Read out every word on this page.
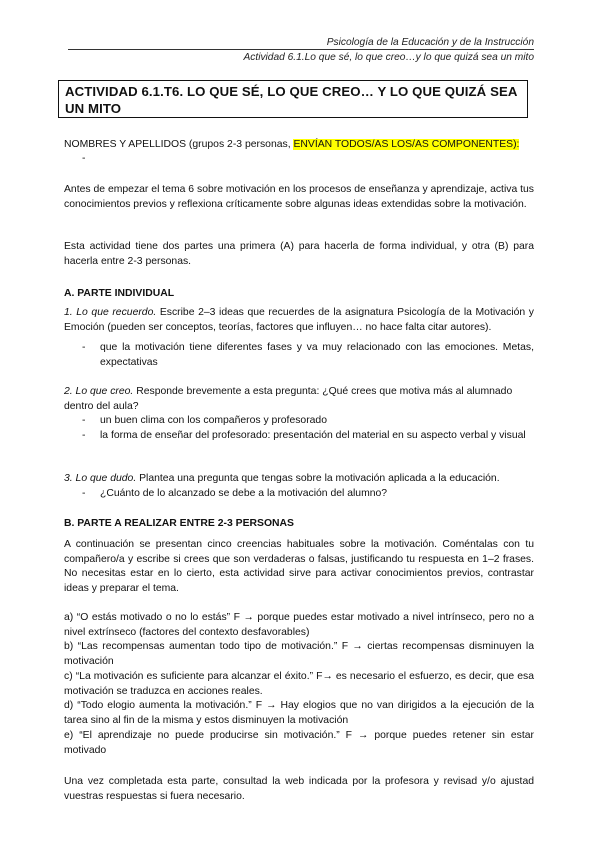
Psicología de la Educación y de la Instrucción
Actividad 6.1.Lo que sé, lo que creo…y lo que quizá sea un mito
ACTIVIDAD 6.1.T6. LO QUE SÉ, LO QUE CREO… Y LO QUE QUIZÁ SEA UN MITO
NOMBRES Y APELLIDOS (grupos 2-3 personas, ENVÍAN TODOS/AS LOS/AS COMPONENTES):
-
Antes de empezar el tema 6 sobre motivación en los procesos de enseñanza y aprendizaje, activa tus conocimientos previos y reflexiona críticamente sobre algunas ideas extendidas sobre la motivación.
Esta actividad tiene dos partes una primera (A) para hacerla de forma individual, y otra (B) para hacerla entre 2-3 personas.
A. PARTE INDIVIDUAL
1. Lo que recuerdo. Escribe 2–3 ideas que recuerdes de la asignatura Psicología de la Motivación y Emoción (pueden ser conceptos, teorías, factores que influyen… no hace falta citar autores).
- que la motivación tiene diferentes fases y va muy relacionado con las emociones. Metas, expectativas
2. Lo que creo. Responde brevemente a esta pregunta: ¿Qué crees que motiva más al alumnado dentro del aula?
- un buen clima con los compañeros y profesorado
- la forma de enseñar del profesorado: presentación del material en su aspecto verbal y visual
3. Lo que dudo. Plantea una pregunta que tengas sobre la motivación aplicada a la educación.
- ¿Cuánto de lo alcanzado se debe a la motivación del alumno?
B. PARTE A REALIZAR ENTRE 2-3 PERSONAS
A continuación se presentan cinco creencias habituales sobre la motivación. Coméntalas con tu compañero/a y escribe si crees que son verdaderas o falsas, justificando tu respuesta en 1–2 frases. No necesitas estar en lo cierto, esta actividad sirve para activar conocimientos previos, contrastar ideas y preparar el tema.
a) “O estás motivado o no lo estás” F → porque puedes estar motivado a nivel intrínseco, pero no a nivel extrínseco (factores del contexto desfavorables)
b) “Las recompensas aumentan todo tipo de motivación.” F → ciertas recompensas disminuyen la motivación
c) “La motivación es suficiente para alcanzar el éxito.” F→ es necesario el esfuerzo, es decir, que esa motivación se traduzca en acciones reales.
d) “Todo elogio aumenta la motivación.” F → Hay elogios que no van dirigidos a la ejecución de la tarea sino al fin de la misma y estos disminuyen la motivación
e) “El aprendizaje no puede producirse sin motivación.” F → porque puedes retener sin estar motivado
Una vez completada esta parte, consultad la web indicada por la profesora y revisad y/o ajustad vuestras respuestas si fuera necesario.
